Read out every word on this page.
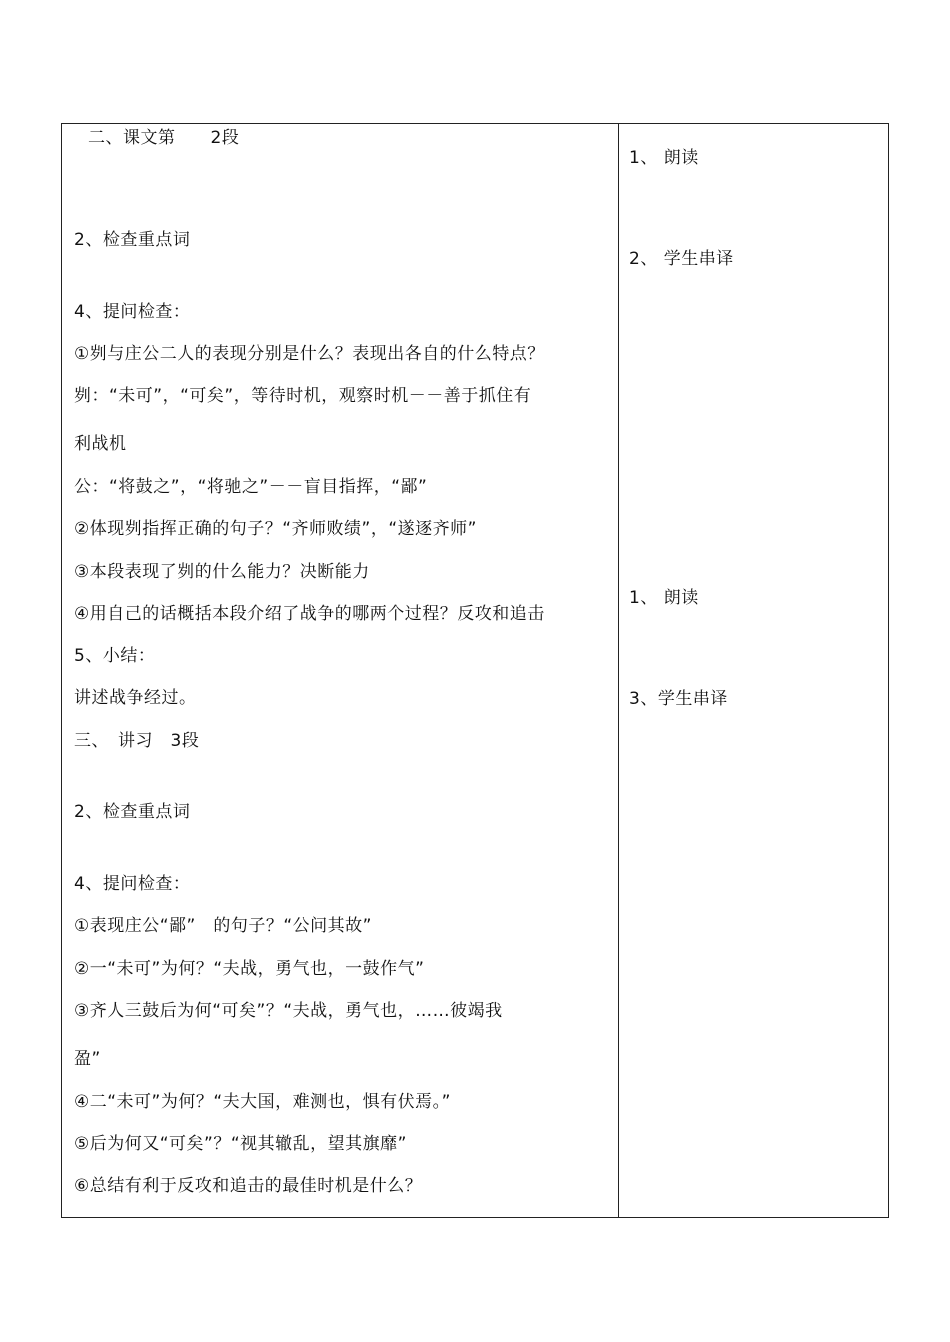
二、课文第　　2段
2、检查重点词
4、提问检查：
①刿与庄公二人的表现分别是什么？表现出各自的什么特点？
刿：“未可”，“可矣”，等待时机，观察时机－－善于抓住有
利战机
公：“将鼓之”，“将驰之”－－盲目指挥，“鄙”
②体现刿指挥正确的句子？“齐师败绩”，“遂逐齐师”
③本段表现了刿的什么能力？决断能力
④用自己的话概括本段介绍了战争的哪两个过程？反攻和追击
5、小结：
讲述战争经过。
三、　讲习　3段
2、检查重点词
4、提问检查：
①表现庄公“鄙”　的句子？“公问其故”
②一“未可”为何？“夫战，勇气也，一鼓作气”
③齐人三鼓后为何“可矣”？“夫战，勇气也，……彼竭我
盈”
④二“未可”为何？“夫大国，难测也，惧有伏焉。”
⑤后为何又“可矣”？“视其辙乱，望其旗靡”
⑥总结有利于反攻和追击的最佳时机是什么？
1、 朗读
2、 学生串译
1、 朗读
3、学生串译
